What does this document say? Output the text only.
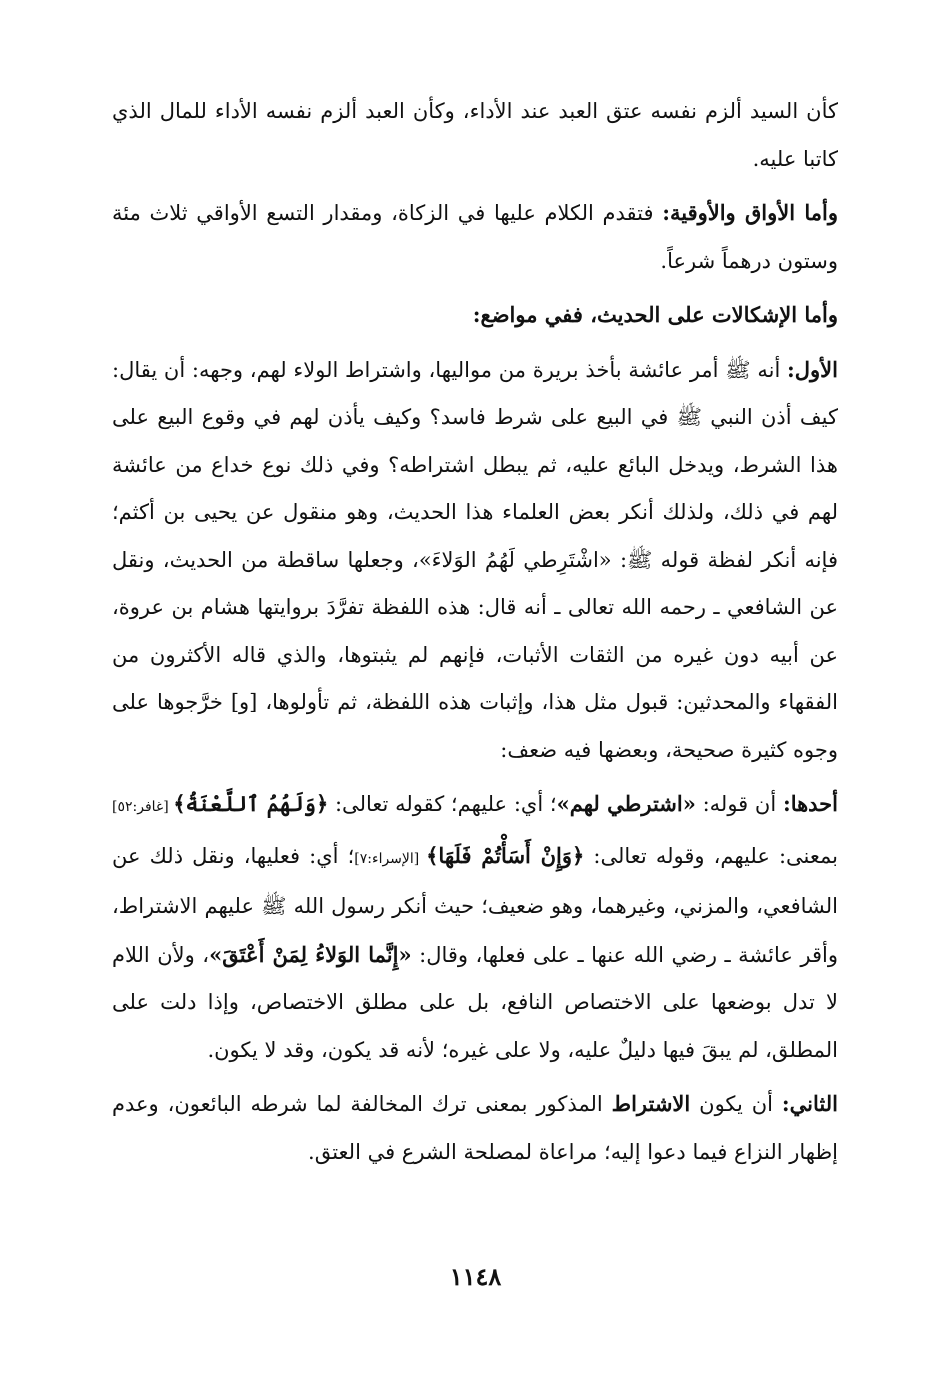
كأن السيد ألزم نفسه عتق العبد عند الأداء، وكأن العبد ألزم نفسه الأداء للمال الذي كاتبا عليه.

وأما الأواق والأوقية: فتقدم الكلام عليها في الزكاة، ومقدار التسع الأواقي ثلاث مئة وستون درهماً شرعاً.

وأما الإشكالات على الحديث، ففي مواضع:

الأول: أنه ﷺ أمر عائشة بأخذ بريرة من مواليها، واشتراط الولاء لهم، وجهه: أن يقال: كيف أذن النبي ﷺ في البيع على شرط فاسد؟ وكيف يأذن لهم في وقوع البيع على هذا الشرط، ويدخل البائع عليه، ثم يبطل اشتراطه؟ وفي ذلك نوع خداع من عائشة لهم في ذلك، ولذلك أنكر بعض العلماء هذا الحديث، وهو منقول عن يحيى بن أكثم؛ فإنه أنكر لفظة قوله ﷺ: «اشْتَرِطي لَهُمُ الوَلاءَ»، وجعلها ساقطة من الحديث، ونقل عن الشافعي ـ رحمه الله تعالى ـ أنه قال: هذه اللفظة تفرَّدَ بروايتها هشام بن عروة، عن أبيه دون غيره من الثقات الأثبات، فإنهم لم يثبتوها، والذي قاله الأكثرون من الفقهاء والمحدثين: قبول مثل هذا، وإثبات هذه اللفظة، ثم تأولوها، [و] خرَّجوها على وجوه كثيرة صحيحة، وبعضها فيه ضعف:

أحدها: أن قوله: «اشترطي لهم»؛ أي: عليهم؛ كقوله تعالى: ﴿وَلَهُمُ ٱللَّعْنَةُ﴾ [غافر:٥٢] بمعنى: عليهم، وقوله تعالى: ﴿وَإِنْ أَسَأْتُمْ فَلَهَا﴾ [الإسراء:٧]؛ أي: فعليها، ونقل ذلك عن الشافعي، والمزني، وغيرهما، وهو ضعيف؛ حيث أنكر رسول الله ﷺ عليهم الاشتراط، وأقر عائشة ـ رضي الله عنها ـ على فعلها، وقال: «إِنَّما الوَلاءُ لِمَنْ أَعْتَقَ»، ولأن اللام لا تدل بوضعها على الاختصاص النافع، بل على مطلق الاختصاص، وإذا دلت على المطلق، لم يبقَ فيها دليلٌ عليه، ولا على غيره؛ لأنه قد يكون، وقد لا يكون.

الثاني: أن يكون الاشتراط المذكور بمعنى ترك المخالفة لما شرطه البائعون، وعدم إظهار النزاع فيما دعوا إليه؛ مراعاة لمصلحة الشرع في العتق.

١١٤٨
